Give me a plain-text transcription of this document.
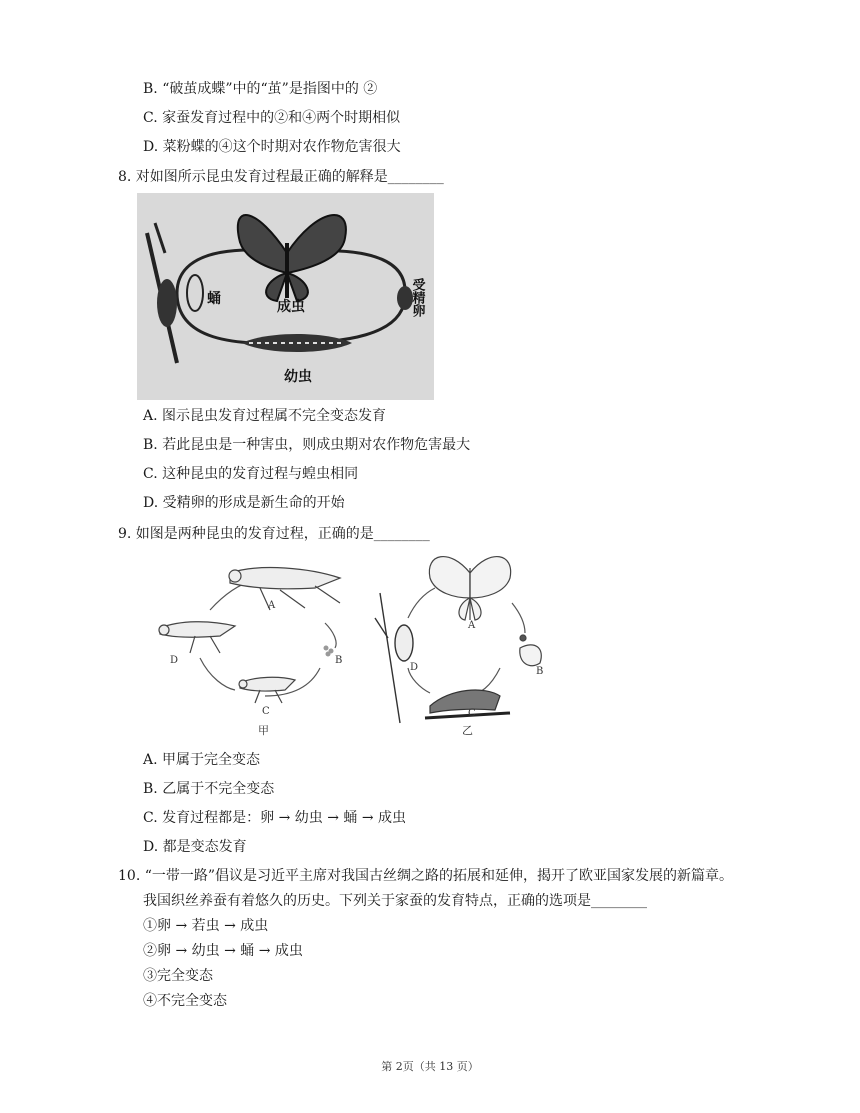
B. “破茧成蝶”中的“茧”是指图中的 ②
C. 家蚕发育过程中的②和④两个时期相似
D. 菜粉蝶的④这个时期对农作物危害很大
8. 对如图所示昆虫发育过程最正确的解释是________
蛹	成虫	受精卵
幼虫
A. 图示昆虫发育过程属不完全变态发育
B. 若此昆虫是一种害虫，则成虫期对农作物危害最大
C. 这种昆虫的发育过程与蝗虫相同
D. 受精卵的形成是新生命的开始
9. 如图是两种昆虫的发育过程，正确的是________
A
B
C
D
甲
A
B
C
D
乙
A. 甲属于完全变态
B. 乙属于不完全变态
C. 发育过程都是：卵 → 幼虫 → 蛹 → 成虫
D. 都是变态发育
10. “一带一路”倡议是习近平主席对我国古丝绸之路的拓展和延伸，揭开了欧亚国家发展的新篇章。
我国织丝养蚕有着悠久的历史。下列关于家蚕的发育特点，正确的选项是________
①卵 → 若虫 → 成虫
②卵 → 幼虫 → 蛹 → 成虫
③完全变态
④不完全变态
第 2页（共 13 页）
